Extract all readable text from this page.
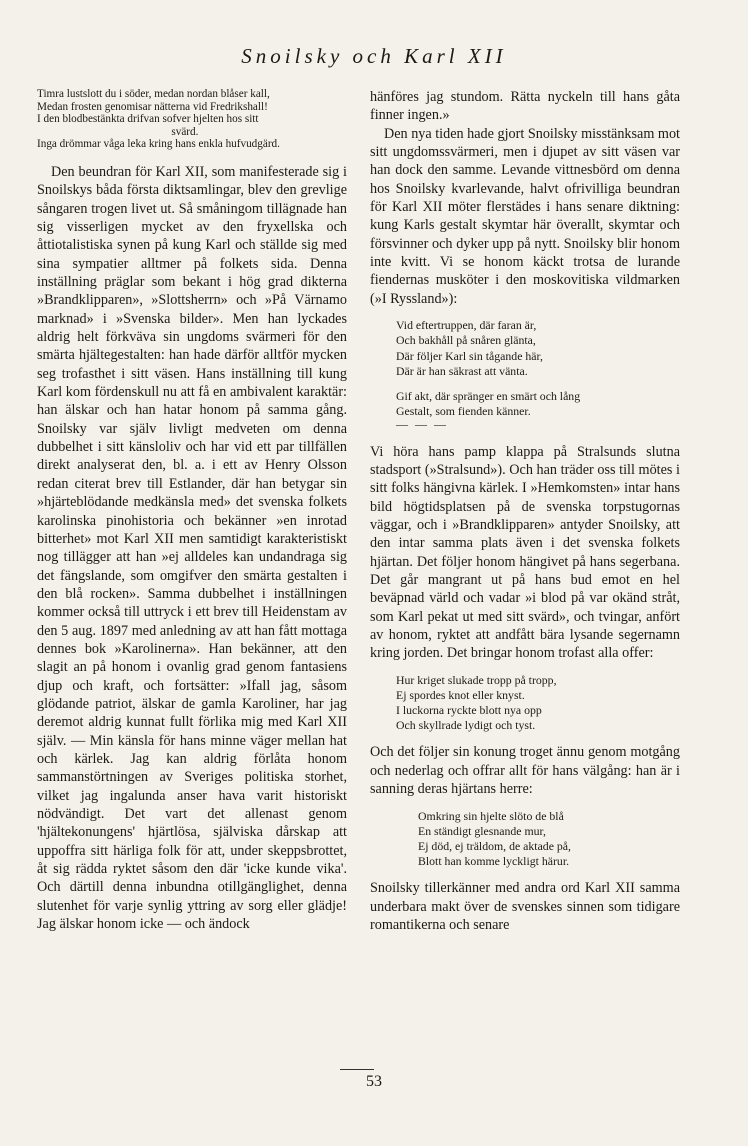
Snoilsky och Karl XII
Timra lustslott du i söder, medan nordan blåser kall,
Medan frosten genomisar nätterna vid Fredrikshall!
I den blodbestänkta drifvan sofver hjelten hos sitt
svärd.
Inga drömmar våga leka kring hans enkla hufvudgärd.

Den beundran för Karl XII, som manifesterade sig i Snoilskys båda första diktsamlingar, blev den grevlige sångaren trogen livet ut. Så småningom tillägnade han sig visserligen mycket av den fryxellska och åttiotalistiska synen på kung Karl och ställde sig med sina sympatier alltmer på folkets sida. Denna inställning präglar som bekant i hög grad dikterna »Brandklipparen», »Slottsherrn» och »På Värnamo marknad» i »Svenska bilder». Men han lyckades aldrig helt förkväva sin ungdoms svärmeri för den smärta hjältegestalten: han hade därför alltför mycken seg trofasthet i sitt väsen. Hans inställning till kung Karl kom fördenskull nu att få en ambivalent karaktär: han älskar och han hatar honom på samma gång. Snoilsky var själv livligt medveten om denna dubbelhet i sitt känsloliv och har vid ett par tillfällen direkt analyserat den, bl. a. i ett av Henry Olsson redan citerat brev till Estlander, där han betygar sin »hjärteblödande medkänsla med» det svenska folkets karolinska pinohistoria och bekänner »en inrotad bitterhet» mot Karl XII men samtidigt karakteristiskt nog tillägger att han »ej alldeles kan undandraga sig det fängslande, som omgifver den smärta gestalten i den blå rocken». Samma dubbelhet i inställningen kommer också till uttryck i ett brev till Heidenstam av den 5 aug. 1897 med anledning av att han fått mottaga dennes bok »Karolinerna». Han bekänner, att den slagit an på honom i ovanlig grad genom fantasiens djup och kraft, och fortsätter: »Ifall jag, såsom glödande patriot, älskar de gamla Karoliner, har jag deremot aldrig kunnat fullt förlika mig med Karl XII själv. — Min känsla för hans minne väger mellan hat och kärlek. Jag kan aldrig förlåta honom sammanstörtningen av Sveriges politiska storhet, vilket jag ingalunda anser hava varit historiskt nödvändigt. Det vart det allenast genom 'hjältekonungens' hjärtlösa, själviska dårskap att uppoffra sitt härliga folk för att, under skeppsbrottet, åt sig rädda ryktet såsom den där 'icke kunde vika'. Och därtill denna inbundna otillgänglighet, denna slutenhet för varje synlig yttring av sorg eller glädje! Jag älskar honom icke — och ändock

hänföres jag stundom. Rätta nyckeln till hans gåta finner ingen.»

Den nya tiden hade gjort Snoilsky misstänksam mot sitt ungdomssvärmeri, men i djupet av sitt väsen var han dock den samme. Levande vittnesbörd om denna hos Snoilsky kvarlevande, halvt ofrivilliga beundran för Karl XII möter flerstädes i hans senare diktning: kung Karls gestalt skymtar här överallt, skymtar och försvinner och dyker upp på nytt. Snoilsky blir honom inte kvitt. Vi se honom käckt trotsa de lurande fiendernas musköter i den moskovitiska vildmarken (»I Ryssland»):

Vid eftertruppen, där faran är,
Och bakhåll på snåren glänta,
Där följer Karl sin tågande här,
Där är han säkrast att vänta.
Gif akt, där spränger en smärt och lång
Gestalt, som fienden känner.
— — —

Vi höra hans pamp klappa på Stralsunds slutna stadsport (»Stralsund»). Och han träder oss till mötes i sitt folks hängivna kärlek. I »Hemkomsten» intar hans bild högtidsplatsen på de svenska torpstugornas väggar, och i »Brandklipparen» antyder Snoilsky, att den intar samma plats även i det svenska folkets hjärtan. Det följer honom hängivet på hans segerbana. Det går mangrant ut på hans bud emot en hel beväpnad värld och vadar »i blod på var okänd stråt, som Karl pekat ut med sitt svärd», och tvingar, anfört av honom, ryktet att andfått bära lysande segernamn kring jorden. Det bringar honom trofast alla offer:

Hur kriget slukade tropp på tropp,
Ej spordes knot eller knyst.
I luckorna ryckte blott nya opp
Och skyllrade lydigt och tyst.

Och det följer sin konung troget ännu genom motgång och nederlag och offrar allt för hans välgång: han är i sanning deras hjärtans herre:

Omkring sin hjelte slöto de blå
En ständigt glesnande mur,
Ej död, ej träldom, de aktade på,
Blott han komme lyckligt härur.

Snoilsky tillerkänner med andra ord Karl XII samma underbara makt över de svenskes sinnen som tidigare romantikerna och senare

53
